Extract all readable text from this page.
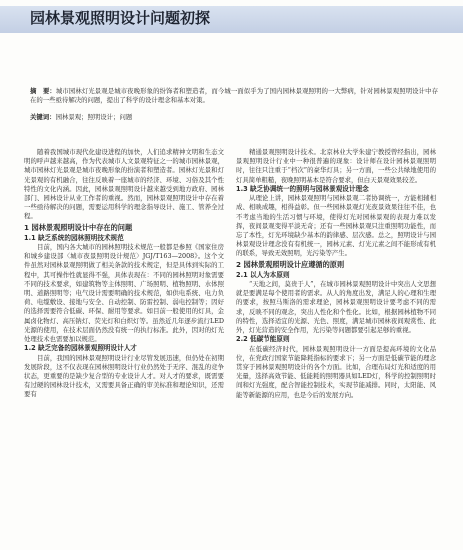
园林景观照明设计问题初探

摘　要：城市园林灯光景观是城市夜晚形象的纷饰者和塑造者，而今城一面似乎为了国内园林景观照明的一大弊病，针对园林景观照明设计中存在的一些亟待解决的问题，提出了科学的设计理念和基本对策。

关键词：园林景观；照明设计；问题

随着我国城市现代化建设进程的加快，人们追求精神文明和生态文明的呼声越来越高，作为代表城市人文景观特征之一的城市园林景观，城市园林灯光景观是城市夜晚形象的扮演者和塑造者。园林灯光景和灯光景观的有机融合，往往反映着一座城市的经济、环境、习俗及其个性特性的文化内涵。因此，园林景观照明设计越来越受到地方政府、园林部门、园林设计从业工作者的重视。然而，园林景观照明设计中存在着一些亟待解决的问题，需要运用科学的理念指导设计、施工、管养全过程。

1 园林景观照明设计中存在的问题

1.1 缺乏系统的园林照明技术规范

目前，国内各大城市的园林照明技术规范一般都是参照《国家住房和城乡建设部〈城市夜景照明设计规范〉JGJ/T163—2008》。这个文件虽然对园林景观照明做了相关条款的技术规定，但是具体到实际的工程中，其可操作性就显得不强，具体表现在：不同的园林照明对象需要不同的技术要求，如建筑物等主体照明、广场照明、植物照明、水体照明、道路照明等；电气设计需要明确的技术规范，如供电系统、电力负荷、电缆敷设、接地与安全、自动控制、防雷控制、弱电控制等；因好的选择需要符合低碳、环保、耐用等要求。如目前一般使用的灯具，金属卤化物灯、高压钠灯、荧光灯和白炽灯等。虽然近几年逐步流行LED光源的使用，在技术层面仍然没有统一的执行标准。此外，因对的灯光处理技术也需要加以规范。

1.2 缺乏完备的园林景观照明设计人才

目前，我国的园林景观照明设计行业尽管发展迅速，但仍处在初期发展阶段，这不仅表现在园林照明设计行业仍然处于无序、混乱的竞争状态，更重要的是缺少复合型的专业设计人才。对人才的要求，既需要有过硬的园林设计技术，又需要具备正确的审美标准和理论知识，还需要有

精通景观照明设计技术。北京林业大学朱建宁教授曾经指出，园林景观照明设计行业中一种很普遍的现象：设计师在设计园林景观照明时，往往只注重于“档次”的豪华灯具；另一方面，一些公共绿地使用的灯具简单粗糙，夜晚照明基本是符合要求，但白天景观效果较差。

1.3 缺乏协调统一的照明与园林景观设计理念

从理论上讲，园林景观照明与园林景观二者协调统一，方能相辅相成、相映成趣，相得益彰。但一些园林景观灯光夜景效果往往不佳，也不考虑当地的生活习惯与环境，使得灯光对园林景观的表现力难以发挥，夜间景观变得平淡无奇；还有一些园林景观只注重照明功能性，而忘了本性，灯光环境缺少基本的韵律感、层次感。总之，照明设计与园林景观设计理念没有有机统一，园林元素、灯光元素之间不能形成有机的联系，导致无效照明，光污染等产生。

2 园林景观照明设计应遵循的原则

2.1 以人为本原则

“天地之间，莫贵于人”，在城市园林景观照明设计中突出人文思想就是要满足每个使用者的需求。从人的角度出发，满足人的心理和生理的要求，按照马斯洛的需求理论，园林景观照明设计要考虑不同的需求，反映不同的观念，突出人性化和个性化。比如，根据园林植物不同的特性，选择适宜的光源、光色、照度，满足城市园林夜间观赏性、此外，灯光营造的安全作用，光污染等问题都要引起足够的重视。

2.2 低碳节能原则

在低碳经济时代，园林景观照明设计一方面是提高环境的文化品位，在党政行国家节能降耗指标的要求下；另一方面是低碳节能的理念贯穿于园林景观照明设计的各个方面。比如，合理布局灯光和适度的用光量，选择高效节能、低能耗的照明器具如LED灯，科学的控制照明时间和灯光强度，配合智能控制技术，实现节能减排。同时，太阳能、风能等新能源的应用，也是今后的发展方向。
